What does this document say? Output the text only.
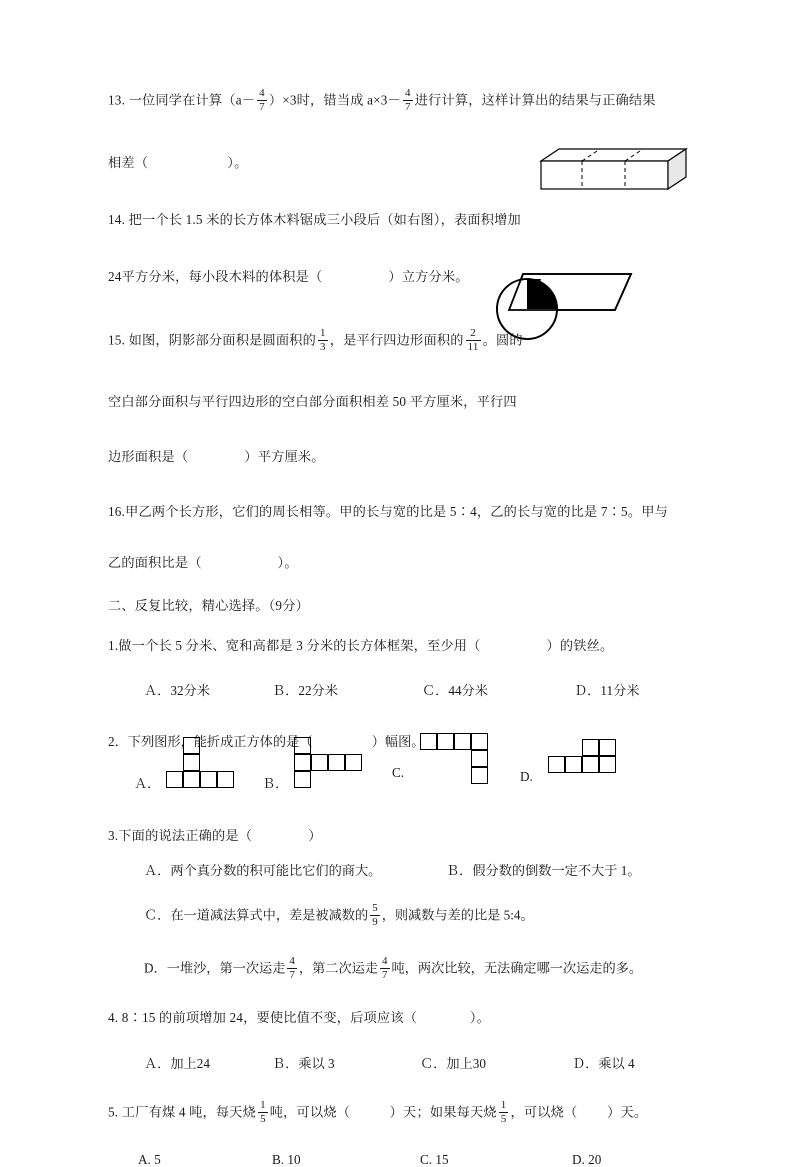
13. 一位同学在计算$(a- \frac{4}{7} )\times 3$时，错当成 $a\times 3- \frac{4}{7}$ 进行计算，这样计算出的结果与正确结果
相差（	）。
14. 把一个长 1.5 米的长方体木料锯成三小段后（如右图），表面积增加
24平方分米，每小段木料的体积是（	）立方分米。
15. 如图，阴影部分面积是圆面积的 $\frac{1}{3}$ ，是平行四边形面积的 $\frac{2}{11}$ 。圆的
空白部分面积与平行四边形的空白部分面积相差 50 平方厘米，平行四
边形面积是（	）平方厘米。
16.甲乙两个长方形，它们的周长相等。甲的长与宽的比是 5∶4，乙的长与宽的比是 7∶5。甲与
乙的面积比是（	）。
二、反复比较，精心选择。（9分）
1.做一个长 5 分米、宽和高都是 3 分米的长方体框架，至少用（	）的铁丝。
Ａ．32分米	Ｂ．22分米	Ｃ．44分米	Ｄ．11分米
2．下列图形，能折成正方体的是（	）幅图。
Ａ．	Ｂ．
C.	D.
3.下面的说法正确的是（	）
Ａ．两个真分数的积可能比它们的商大。	Ｂ．假分数的倒数一定不大于 1。
Ｃ．在一道减法算式中，差是被减数的 $\frac{5}{9}$ ，则减数与差的比是 5:4。
D．一堆沙，第一次运走 $\frac{4}{7}$ ，第二次运走 $\frac{4}{7}$ 吨，两次比较，无法确定哪一次运走的多。
4. 8∶15 的前项增加 24，要使比值不变，后项应该（	）。
Ａ．加上24	Ｂ．乘以 3	Ｃ．加上30	Ｄ．乘以 4
5. 工厂有煤 4 吨，每天烧 $\frac{1}{5}$ 吨，可以烧（	）天；如果每天烧 $\frac{1}{5}$ ，可以烧（ ）天。
A. 5	B. 10	C. 15	D. 20
